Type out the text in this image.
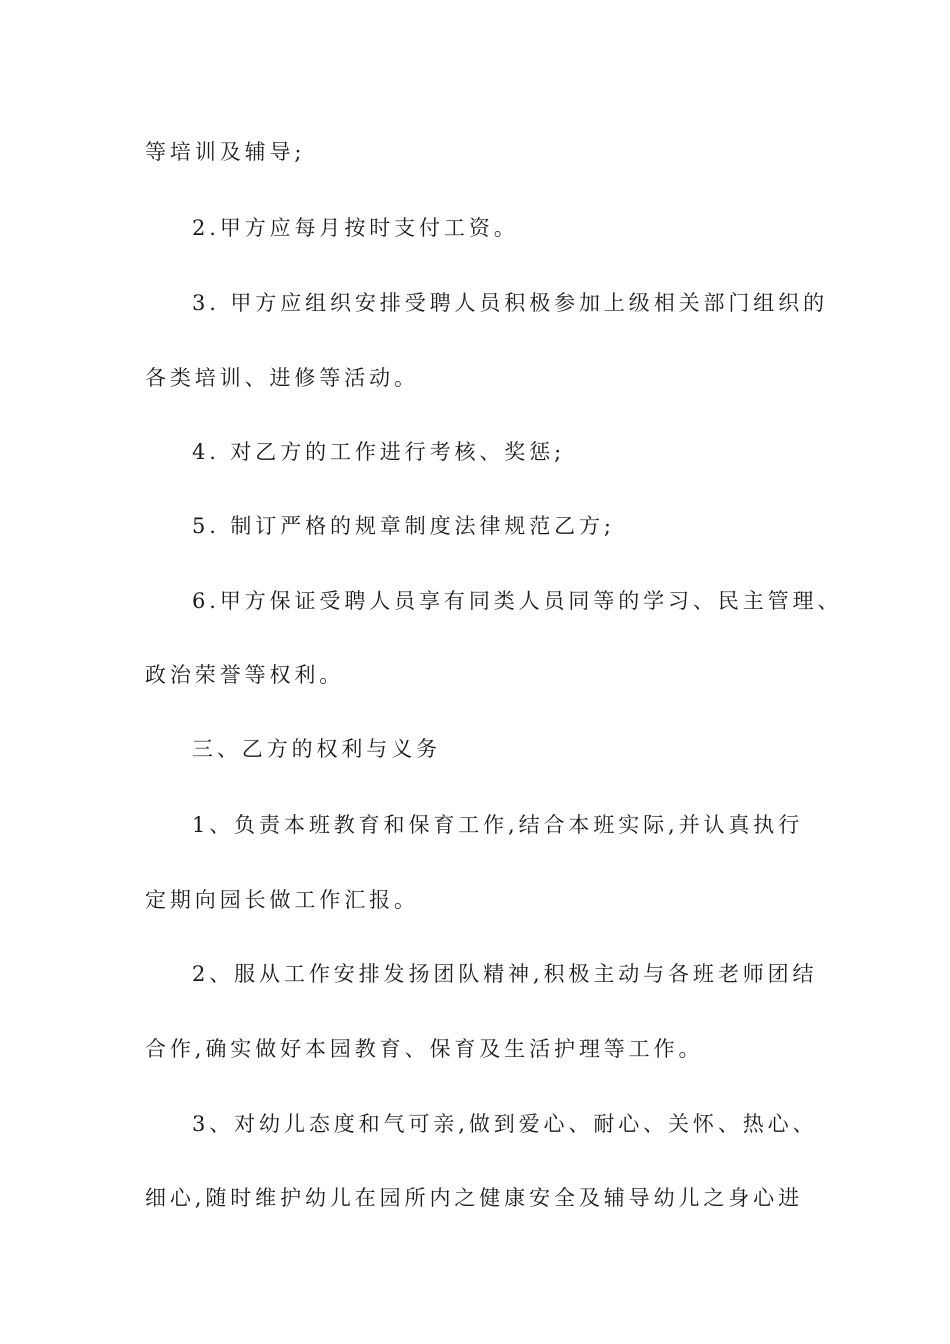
等培训及辅导;
2.甲方应每月按时支付工资。
3. 甲方应组织安排受聘人员积极参加上级相关部门组织的
各类培训、进修等活动。
4. 对乙方的工作进行考核、奖惩;
5. 制订严格的规章制度法律规范乙方;
6.甲方保证受聘人员享有同类人员同等的学习、民主管理、
政治荣誉等权利。
三、乙方的权利与义务
1、负责本班教育和保育工作,结合本班实际,并认真执行
定期向园长做工作汇报。
2、服从工作安排发扬团队精神,积极主动与各班老师团结
合作,确实做好本园教育、保育及生活护理等工作。
3、对幼儿态度和气可亲,做到爱心、耐心、关怀、热心、
细心,随时维护幼儿在园所内之健康安全及辅导幼儿之身心进
